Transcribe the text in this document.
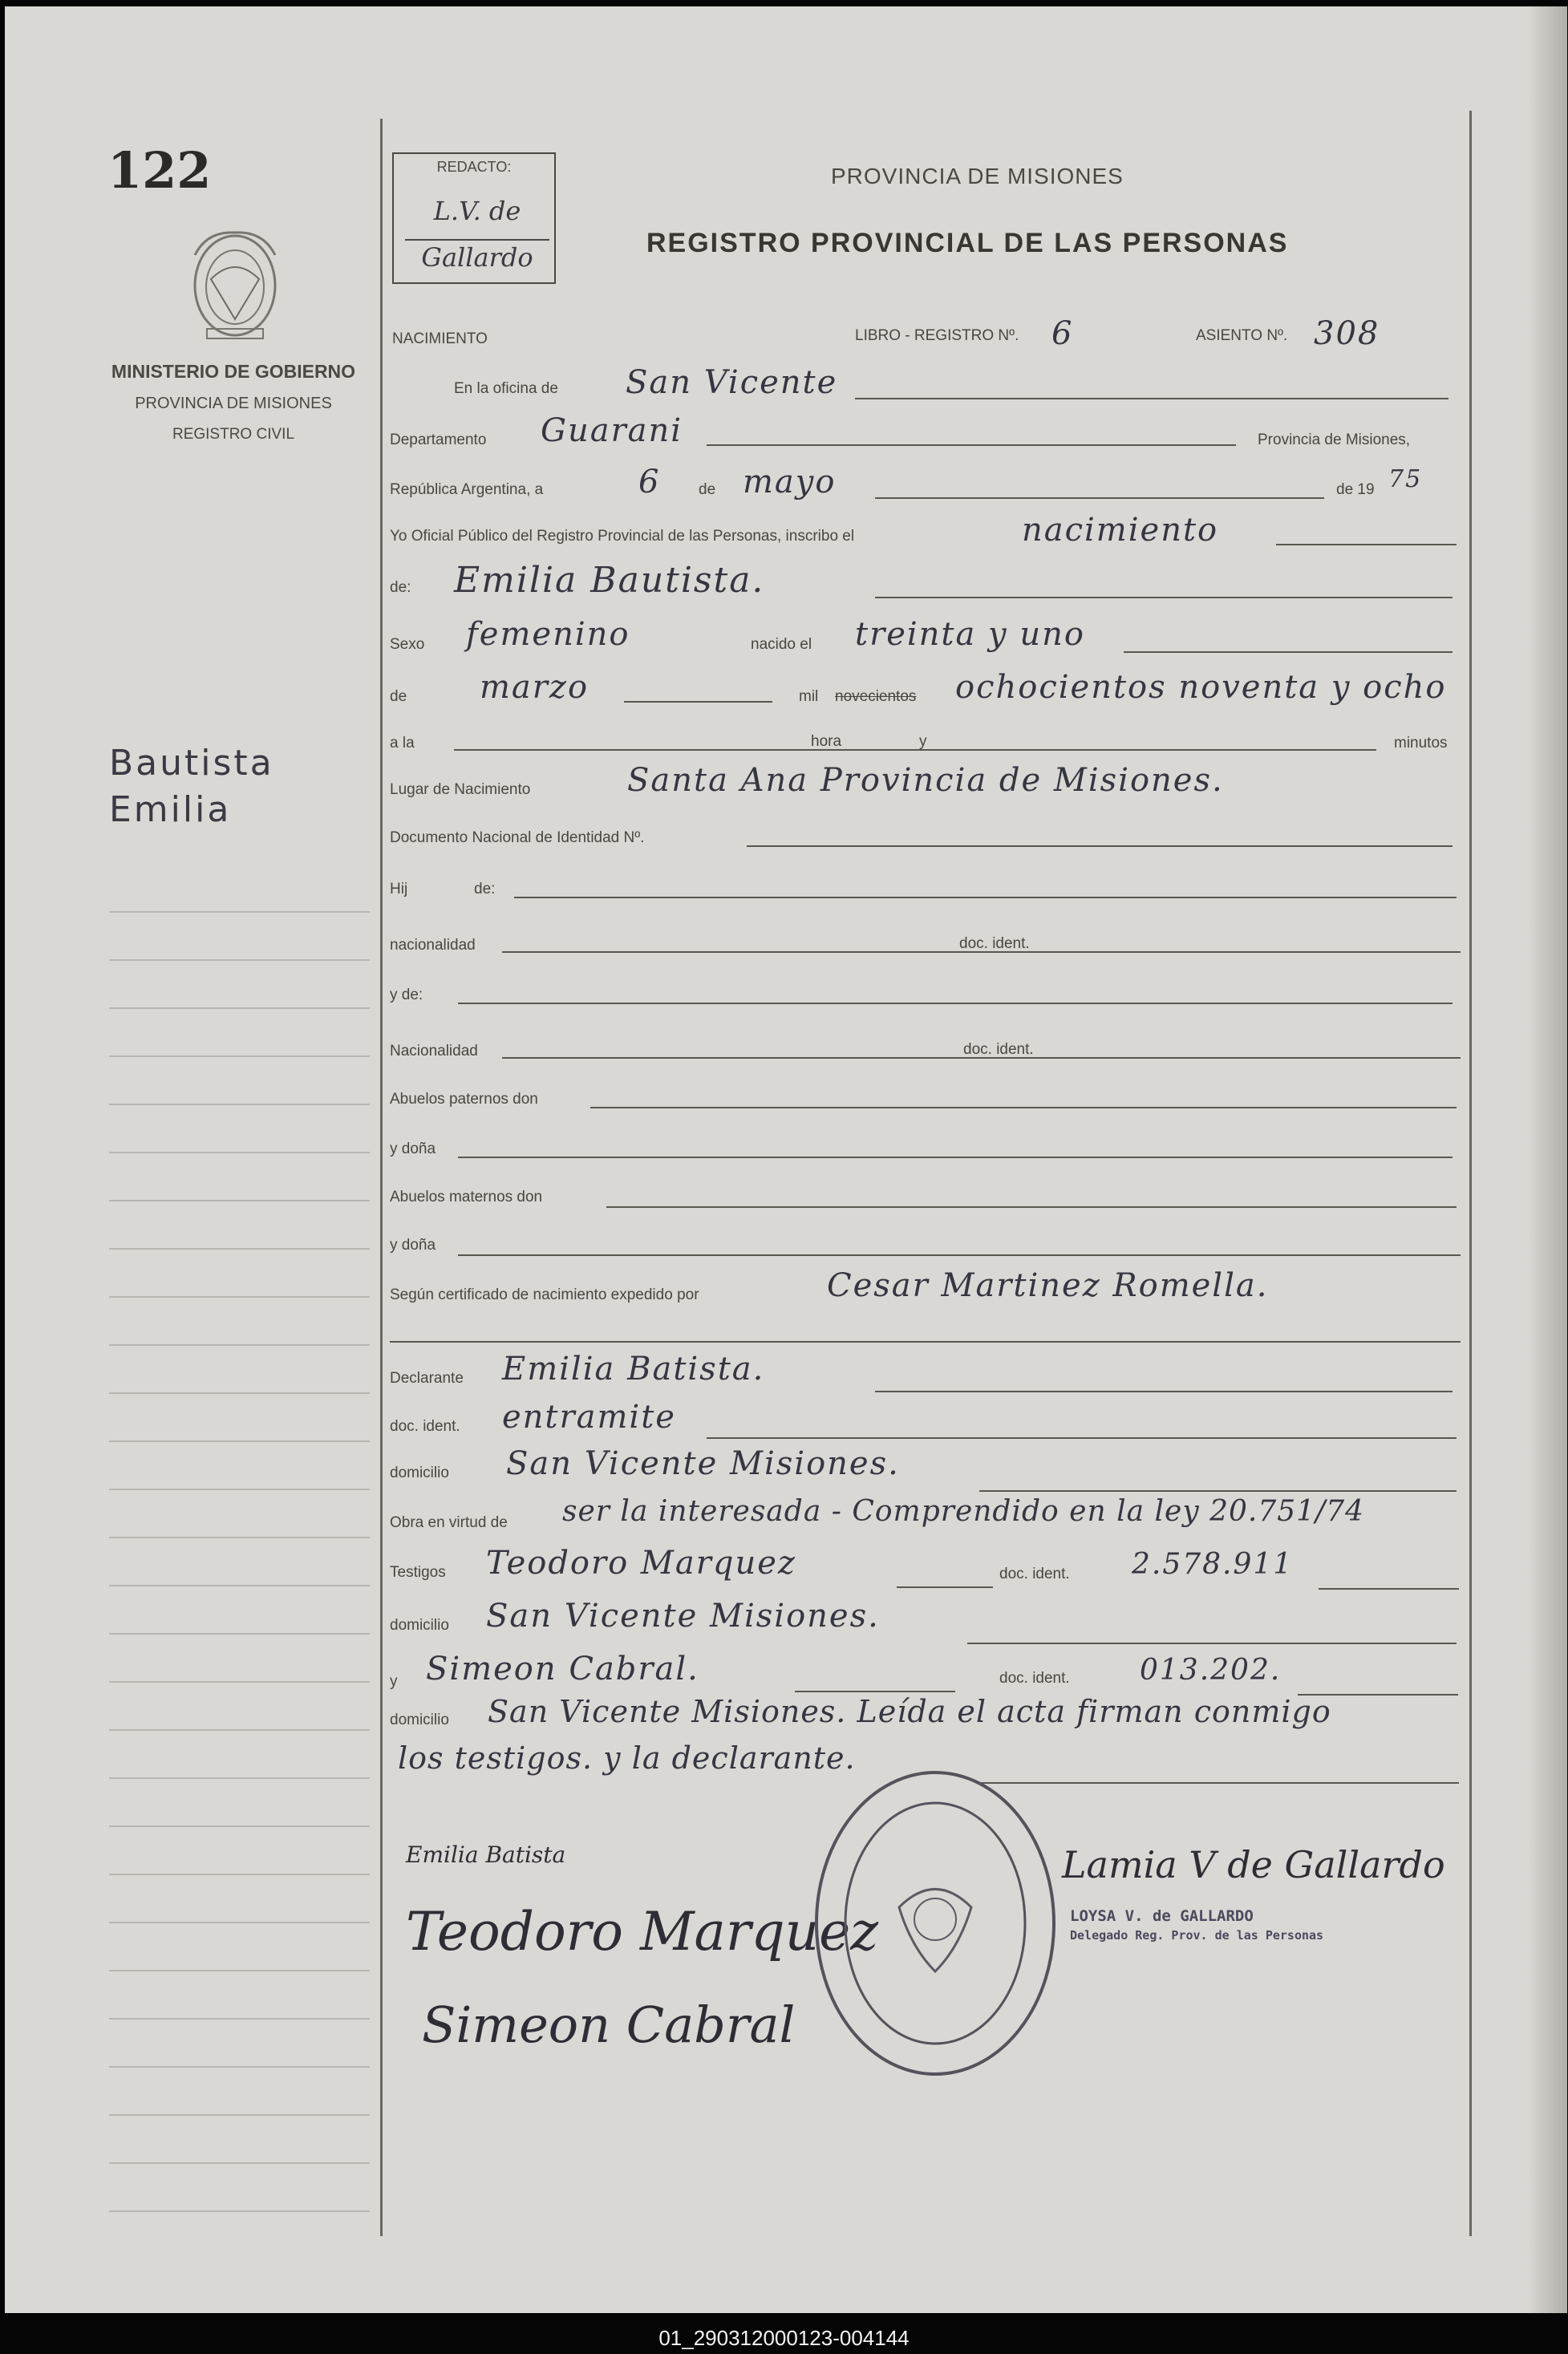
122
MINISTERIO DE GOBIERNO
PROVINCIA DE MISIONES
REGISTRO CIVIL
Bautista
Emilia
REDACTO:
L.V. de
Gallardo
PROVINCIA DE MISIONES
REGISTRO PROVINCIAL DE LAS PERSONAS
NACIMIENTO	LIBRO - REGISTRO Nº. 6	ASIENTO Nº. 308
En la oficina de San Vicente
Departamento Guarani	Provincia de Misiones,
República Argentina, a	6	de mayo	de 19 75
Yo Oficial Público del Registro Provincial de las Personas, inscribo el	nacimiento
de: Emilia Bautista.
Sexo femenino	nacido el treinta y uno
de marzo	mil novecientos ochocientos noventa y ocho
a la	hora	y	minutos
Lugar de Nacimiento	Santa Ana Provincia de Misiones.
Documento Nacional de Identidad Nº.
Hij	de:
nacionalidad	doc. ident.
y de:
Nacionalidad	doc. ident.
Abuelos paternos don
y doña
Abuelos maternos don
y doña
Según certificado de nacimiento expedido por	Cesar Martinez Romella.
Declarante Emilia Batista.
doc. ident. entramite
domicilio San Vicente Misiones.
Obra en virtud de ser la interesada - Comprendido en la ley 20.751/74
Testigos Teodoro Marquez	doc. ident. 2.578.911
domicilio San Vicente Misiones.
y Simeon Cabral.	doc. ident. 013.202.
domicilio San Vicente Misiones. Leída el acta firman conmigo
los testigos. y la declarante.
Emilia Batista
Teodoro Marquez
Simeon Cabral
Lamia V de Gallardo
LOYSA V. de GALLARDO
Delegado Reg. Prov. de las Personas
01_290312000123-004144
